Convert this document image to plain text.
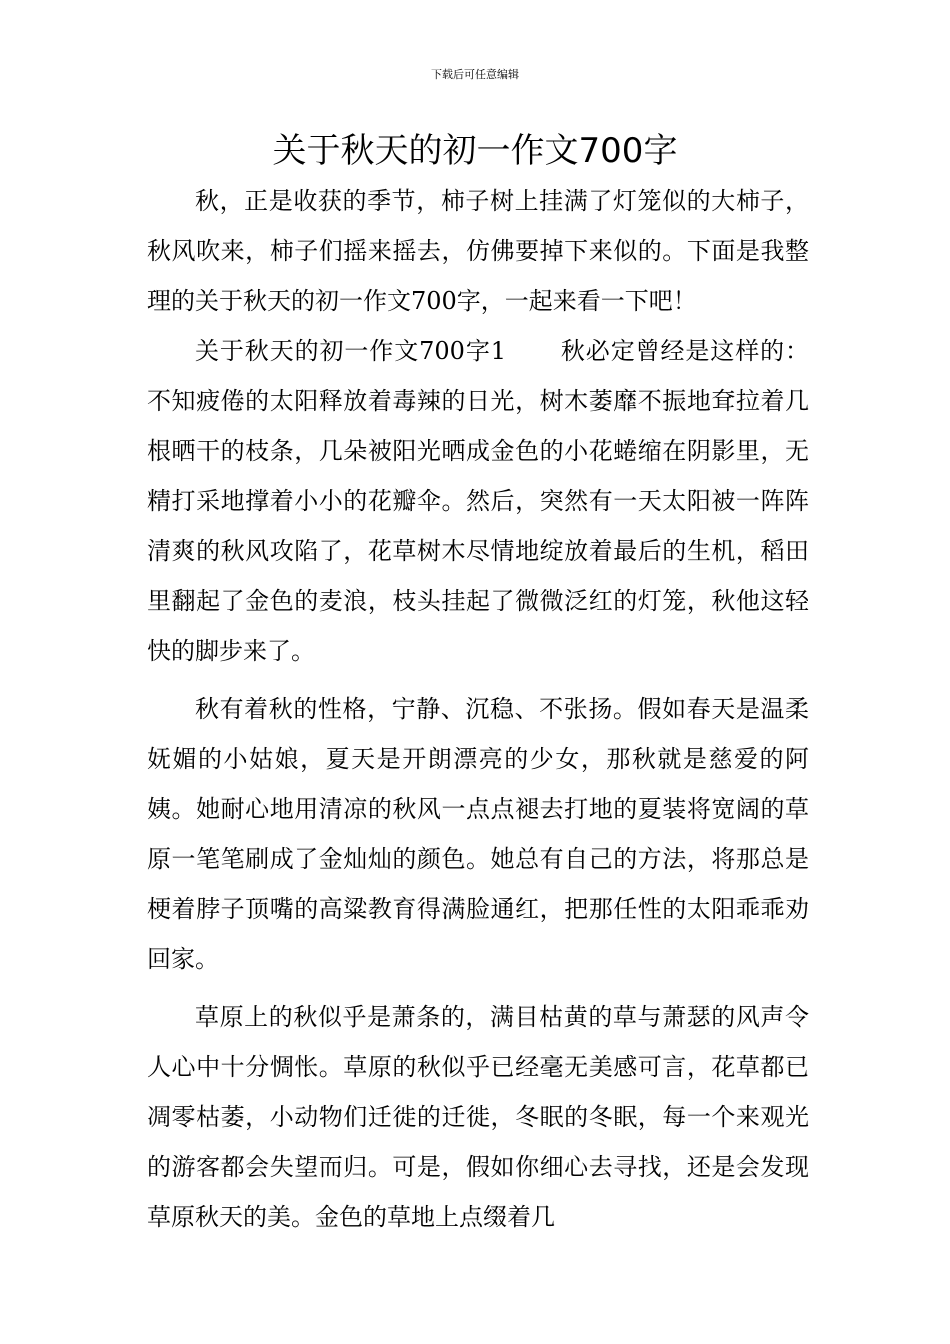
下载后可任意编辑
关于秋天的初一作文700字

秋，正是收获的季节，柿子树上挂满了灯笼似的大柿子，秋风吹来，柿子们摇来摇去，仿佛要掉下来似的。下面是我整理的关于秋天的初一作文700字，一起来看一下吧！

关于秋天的初一作文700字1 秋必定曾经是这样的：不知疲倦的太阳释放着毒辣的日光，树木萎靡不振地耷拉着几根晒干的枝条，几朵被阳光晒成金色的小花蜷缩在阴影里，无精打采地撑着小小的花瓣伞。然后，突然有一天太阳被一阵阵清爽的秋风攻陷了，花草树木尽情地绽放着最后的生机，稻田里翻起了金色的麦浪，枝头挂起了微微泛红的灯笼，秋他这轻快的脚步来了。

秋有着秋的性格，宁静、沉稳、不张扬。假如春天是温柔妩媚的小姑娘，夏天是开朗漂亮的少女，那秋就是慈爱的阿姨。她耐心地用清凉的秋风一点点褪去打地的夏装将宽阔的草原一笔笔刷成了金灿灿的颜色。她总有自己的方法，将那总是梗着脖子顶嘴的高粱教育得满脸通红，把那任性的太阳乖乖劝回家。

草原上的秋似乎是萧条的，满目枯黄的草与萧瑟的风声令人心中十分惆怅。草原的秋似乎已经毫无美感可言，花草都已凋零枯萎，小动物们迁徙的迁徙，冬眠的冬眠，每一个来观光的游客都会失望而归。可是，假如你细心去寻找，还是会发现草原秋天的美。金色的草地上点缀着几
